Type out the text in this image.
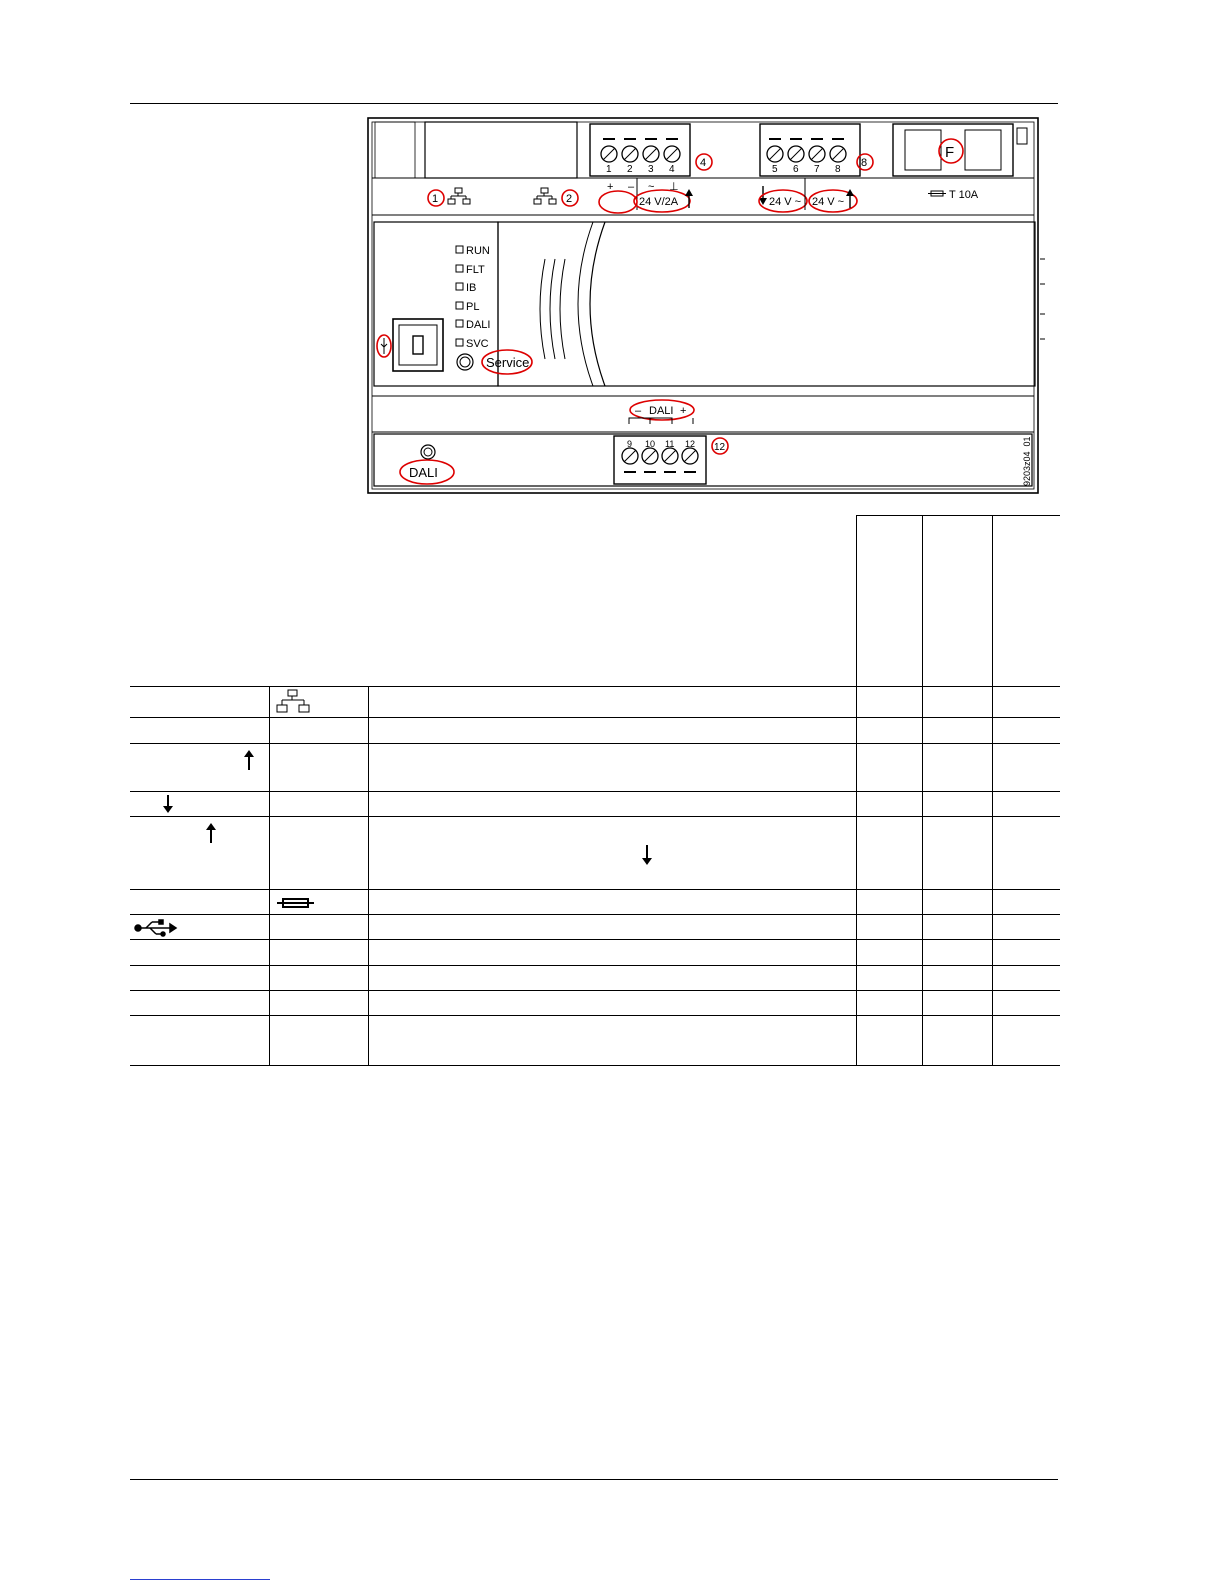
1 2 3 4	5 6 7 8
4	8
F
1	2
+ – ~ ⊥
24 V/2A	24 V ~ 24 V ~
T 10A
RUN
FLT
IB
PL
DALI
SVC
Service
– DALI +
DALI
9 10 11 12 12	9203z04_01
